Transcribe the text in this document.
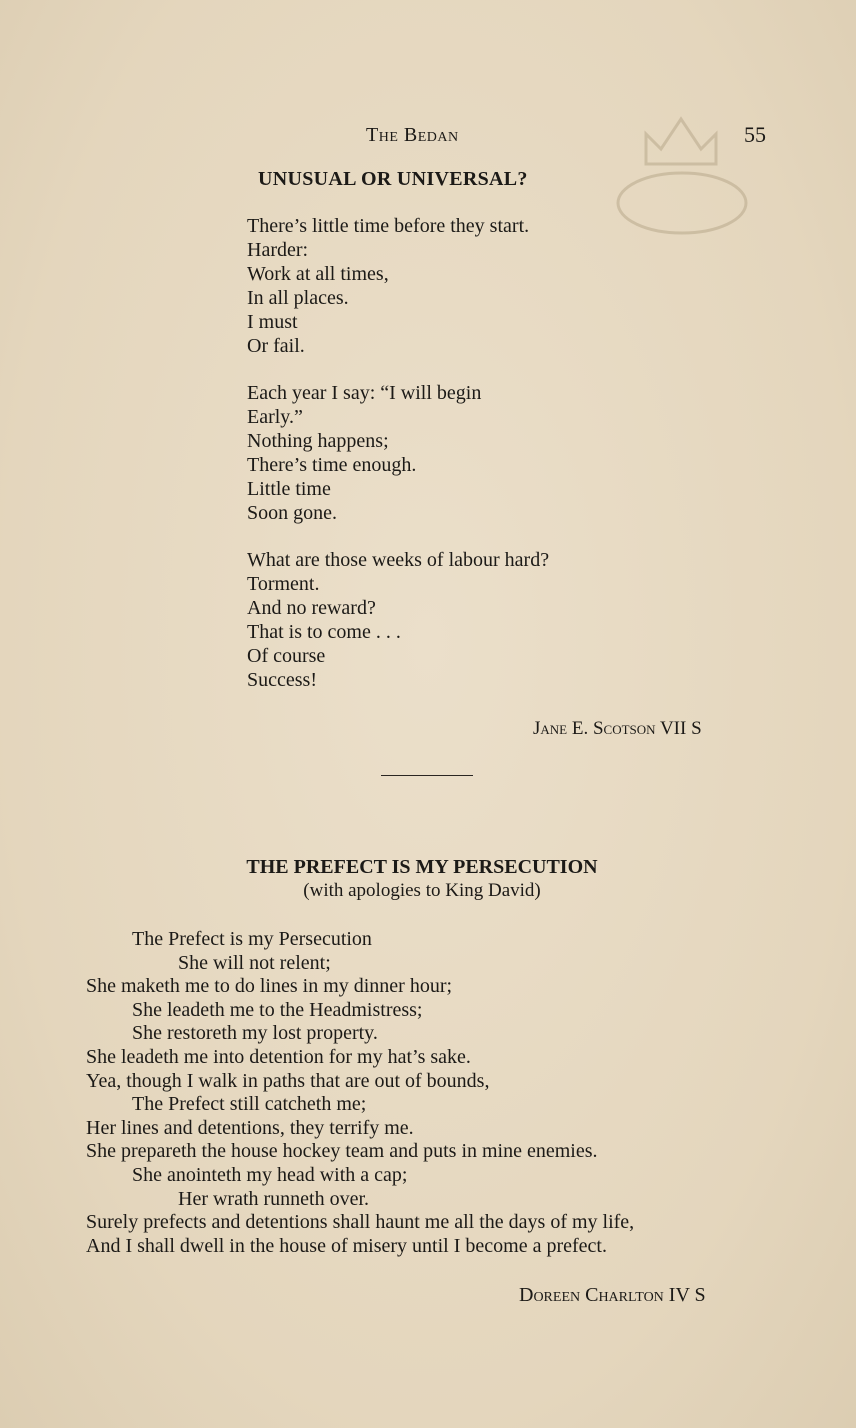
The Bedan	55
UNUSUAL OR UNIVERSAL?
There’s little time before they start.
Harder:
Work at all times,
In all places.
I must
Or fail.
Each year I say: “I will begin
Early.”
Nothing happens;
There’s time enough.
Little time
Soon gone.
What are those weeks of labour hard?
Torment.
And no reward?
That is to come . . .
Of course
Success!
Jane E. Scotson VII S
THE PREFECT IS MY PERSECUTION
(with apologies to King David)
The Prefect is my Persecution
She will not relent;
She maketh me to do lines in my dinner hour;
She leadeth me to the Headmistress;
She restoreth my lost property.
She leadeth me into detention for my hat’s sake.
Yea, though I walk in paths that are out of bounds,
The Prefect still catcheth me;
Her lines and detentions, they terrify me.
She prepareth the house hockey team and puts in mine enemies.
She anointeth my head with a cap;
Her wrath runneth over.
Surely prefects and detentions shall haunt me all the days of my life,
And I shall dwell in the house of misery until I become a prefect.
Doreen Charlton IV S
